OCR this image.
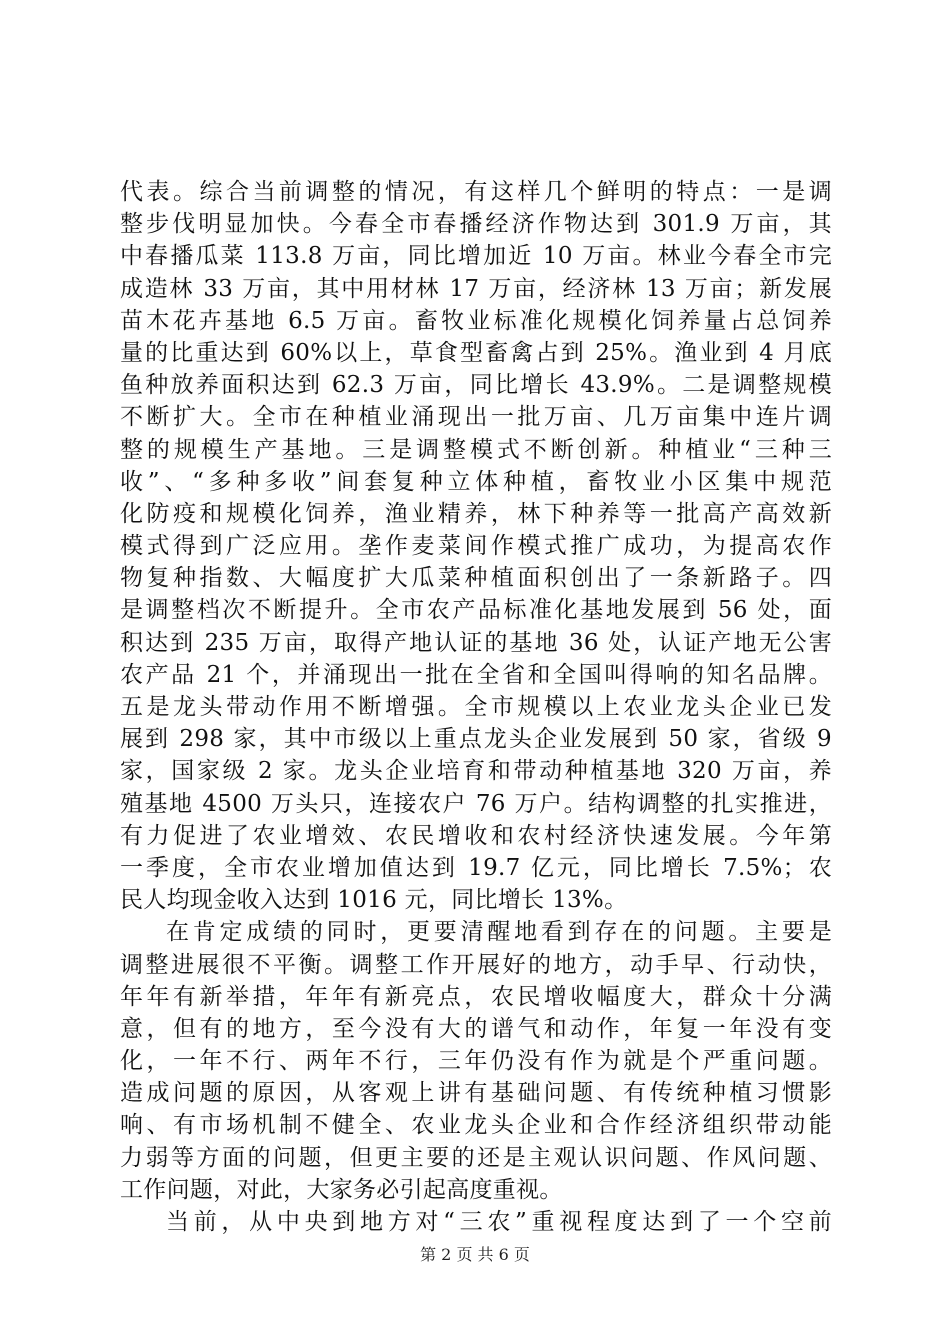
代表。综合当前调整的情况，有这样几个鲜明的特点：一是调
整步伐明显加快。今春全市春播经济作物达到 301.9 万亩，其
中春播瓜菜 113.8 万亩，同比增加近 10 万亩。林业今春全市完
成造林 33 万亩，其中用材林 17 万亩，经济林 13 万亩；新发展
苗木花卉基地 6.5 万亩。畜牧业标准化规模化饲养量占总饲养
量的比重达到 60%以上，草食型畜禽占到 25%。渔业到 4 月底
鱼种放养面积达到 62.3 万亩，同比增长 43.9%。二是调整规模
不断扩大。全市在种植业涌现出一批万亩、几万亩集中连片调
整的规模生产基地。三是调整模式不断创新。种植业“三种三
收”、“多种多收”间套复种立体种植，畜牧业小区集中规范
化防疫和规模化饲养，渔业精养，林下种养等一批高产高效新
模式得到广泛应用。垄作麦菜间作模式推广成功，为提高农作
物复种指数、大幅度扩大瓜菜种植面积创出了一条新路子。四
是调整档次不断提升。全市农产品标准化基地发展到 56 处，面
积达到 235 万亩，取得产地认证的基地 36 处，认证产地无公害
农产品 21 个，并涌现出一批在全省和全国叫得响的知名品牌。
五是龙头带动作用不断增强。全市规模以上农业龙头企业已发
展到 298 家，其中市级以上重点龙头企业发展到 50 家，省级 9
家，国家级 2 家。龙头企业培育和带动种植基地 320 万亩，养
殖基地 4500 万头只，连接农户 76 万户。结构调整的扎实推进，
有力促进了农业增效、农民增收和农村经济快速发展。今年第
一季度，全市农业增加值达到 19.7 亿元，同比增长 7.5%；农
民人均现金收入达到 1016 元，同比增长 13%。
在肯定成绩的同时，更要清醒地看到存在的问题。主要是
调整进展很不平衡。调整工作开展好的地方，动手早、行动快，
年年有新举措，年年有新亮点，农民增收幅度大，群众十分满
意，但有的地方，至今没有大的谱气和动作，年复一年没有变
化，一年不行、两年不行，三年仍没有作为就是个严重问题。
造成问题的原因，从客观上讲有基础问题、有传统种植习惯影
响、有市场机制不健全、农业龙头企业和合作经济组织带动能
力弱等方面的问题，但更主要的还是主观认识问题、作风问题、
工作问题，对此，大家务必引起高度重视。
当前，从中央到地方对“三农”重视程度达到了一个空前
第 2 页 共 6 页
